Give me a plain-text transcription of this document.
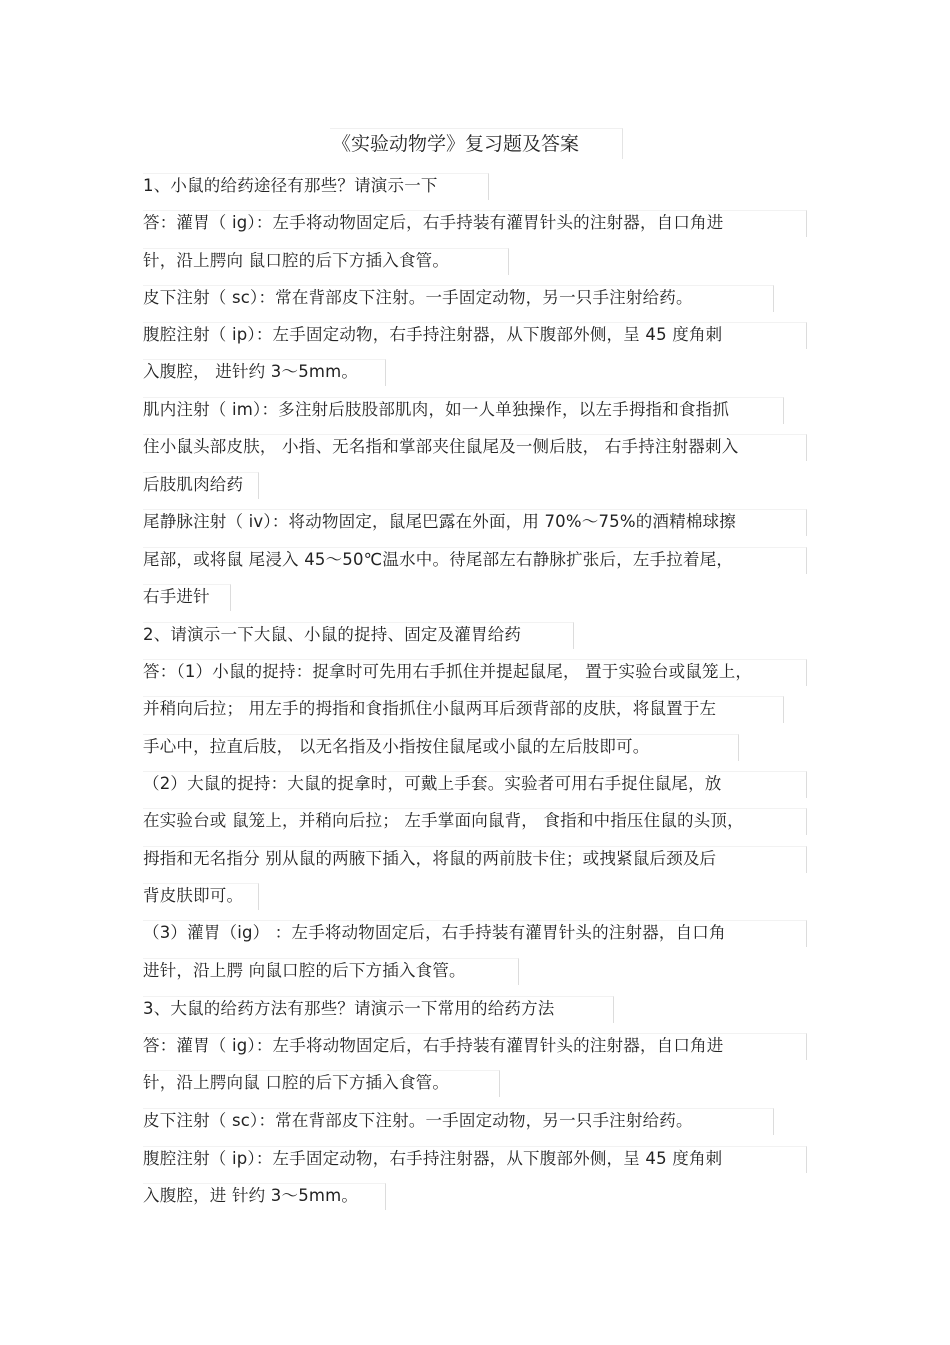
《实验动物学》复习题及答案
1、小鼠的给药途径有那些？请演示一下
答：灌胃（ ig）：左手将动物固定后，右手持装有灌胃针头的注射器，自口角进
针，沿上腭向 鼠口腔的后下方插入食管。
皮下注射（ sc）：常在背部皮下注射。一手固定动物，另一只手注射给药。
腹腔注射（ ip）：左手固定动物，右手持注射器，从下腹部外侧，呈 45 度角刺
入腹腔， 进针约 3～5mm。
肌内注射（ im）：多注射后肢股部肌肉，如一人单独操作，以左手拇指和食指抓
住小鼠头部皮肤， 小指、无名指和掌部夹住鼠尾及一侧后肢， 右手持注射器刺入
后肢肌肉给药
尾静脉注射（ iv）：将动物固定，鼠尾巴露在外面，用 70%～75%的酒精棉球擦
尾部，或将鼠 尾浸入 45～50℃温水中。待尾部左右静脉扩张后，左手拉着尾，
右手进针
2、请演示一下大鼠、小鼠的捉持、固定及灌胃给药
答：（1）小鼠的捉持：捉拿时可先用右手抓住并提起鼠尾， 置于实验台或鼠笼上，
并稍向后拉； 用左手的拇指和食指抓住小鼠两耳后颈背部的皮肤，将鼠置于左
手心中，拉直后肢， 以无名指及小指按住鼠尾或小鼠的左后肢即可。
（2）大鼠的捉持：大鼠的捉拿时，可戴上手套。实验者可用右手捉住鼠尾，放
在实验台或 鼠笼上，并稍向后拉； 左手掌面向鼠背， 食指和中指压住鼠的头顶，
拇指和无名指分 别从鼠的两腋下插入，将鼠的两前肢卡住；或拽紧鼠后颈及后
背皮肤即可。
（3）灌胃（ig） ：左手将动物固定后，右手持装有灌胃针头的注射器，自口角
进针，沿上腭 向鼠口腔的后下方插入食管。
3、大鼠的给药方法有那些？请演示一下常用的给药方法
答：灌胃（ ig）：左手将动物固定后，右手持装有灌胃针头的注射器，自口角进
针，沿上腭向鼠 口腔的后下方插入食管。
皮下注射（ sc）：常在背部皮下注射。一手固定动物，另一只手注射给药。
腹腔注射（ ip）：左手固定动物，右手持注射器，从下腹部外侧，呈 45 度角刺
入腹腔，进 针约 3～5mm。
